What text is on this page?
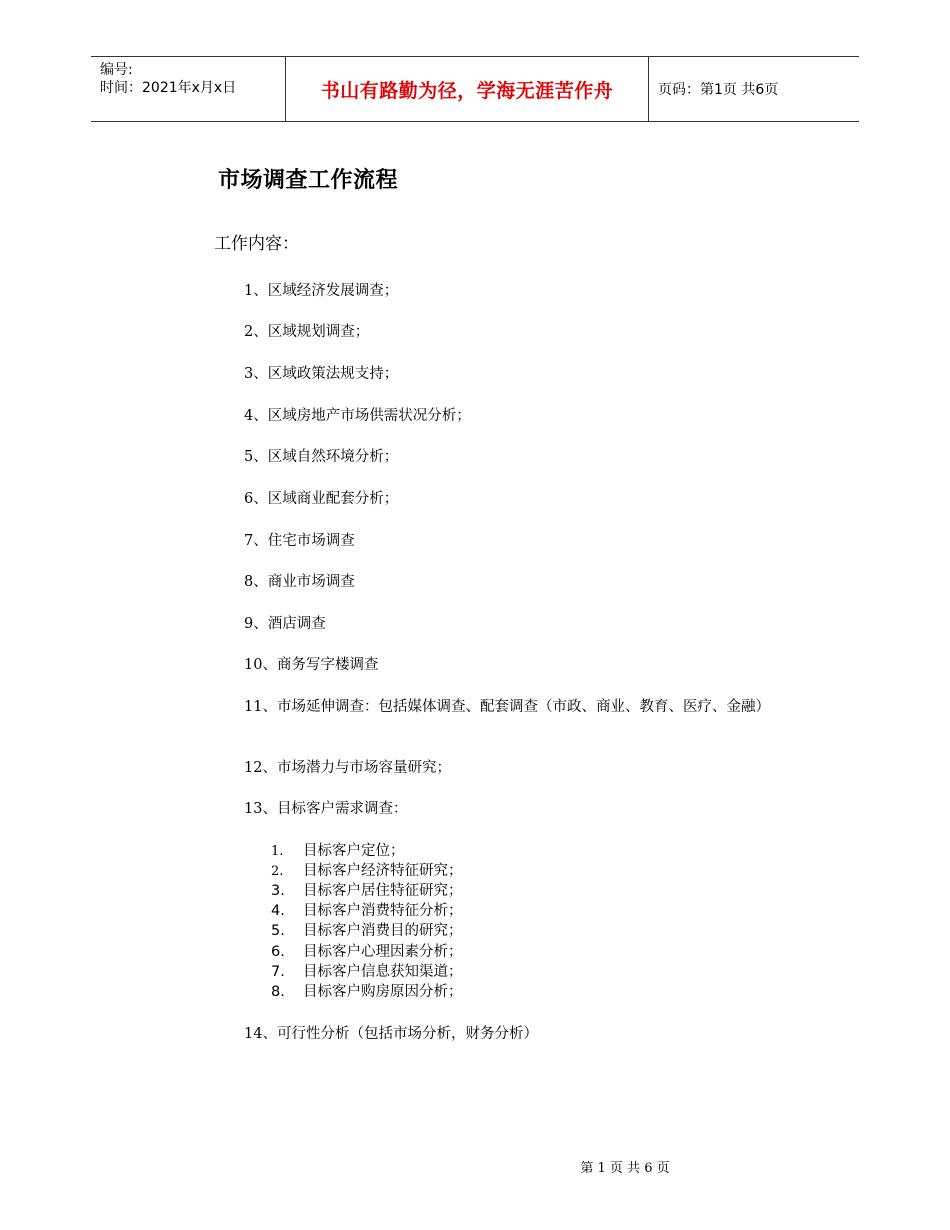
编号:
时间：2021年x月x日	书山有路勤为径，学海无涯苦作舟	页码：第1页 共6页
市场调查工作流程
工作内容：
1、区域经济发展调查；
2、区域规划调查；
3、区域政策法规支持；
4、区域房地产市场供需状况分析；
5、区域自然环境分析；
6、区域商业配套分析；
7、住宅市场调查
8、商业市场调查
9、酒店调查
10、商务写字楼调查
11、市场延伸调查：包括媒体调查、配套调查（市政、商业、教育、医疗、金融）
12、市场潜力与市场容量研究；
13、目标客户需求调查：
1. 目标客户定位；
2. 目标客户经济特征研究；
3. 目标客户居住特征研究；
4. 目标客户消费特征分析；
5. 目标客户消费目的研究；
6. 目标客户心理因素分析；
7. 目标客户信息获知渠道；
8. 目标客户购房原因分析；
14、可行性分析（包括市场分析，财务分析）
第 1 页 共 6 页
